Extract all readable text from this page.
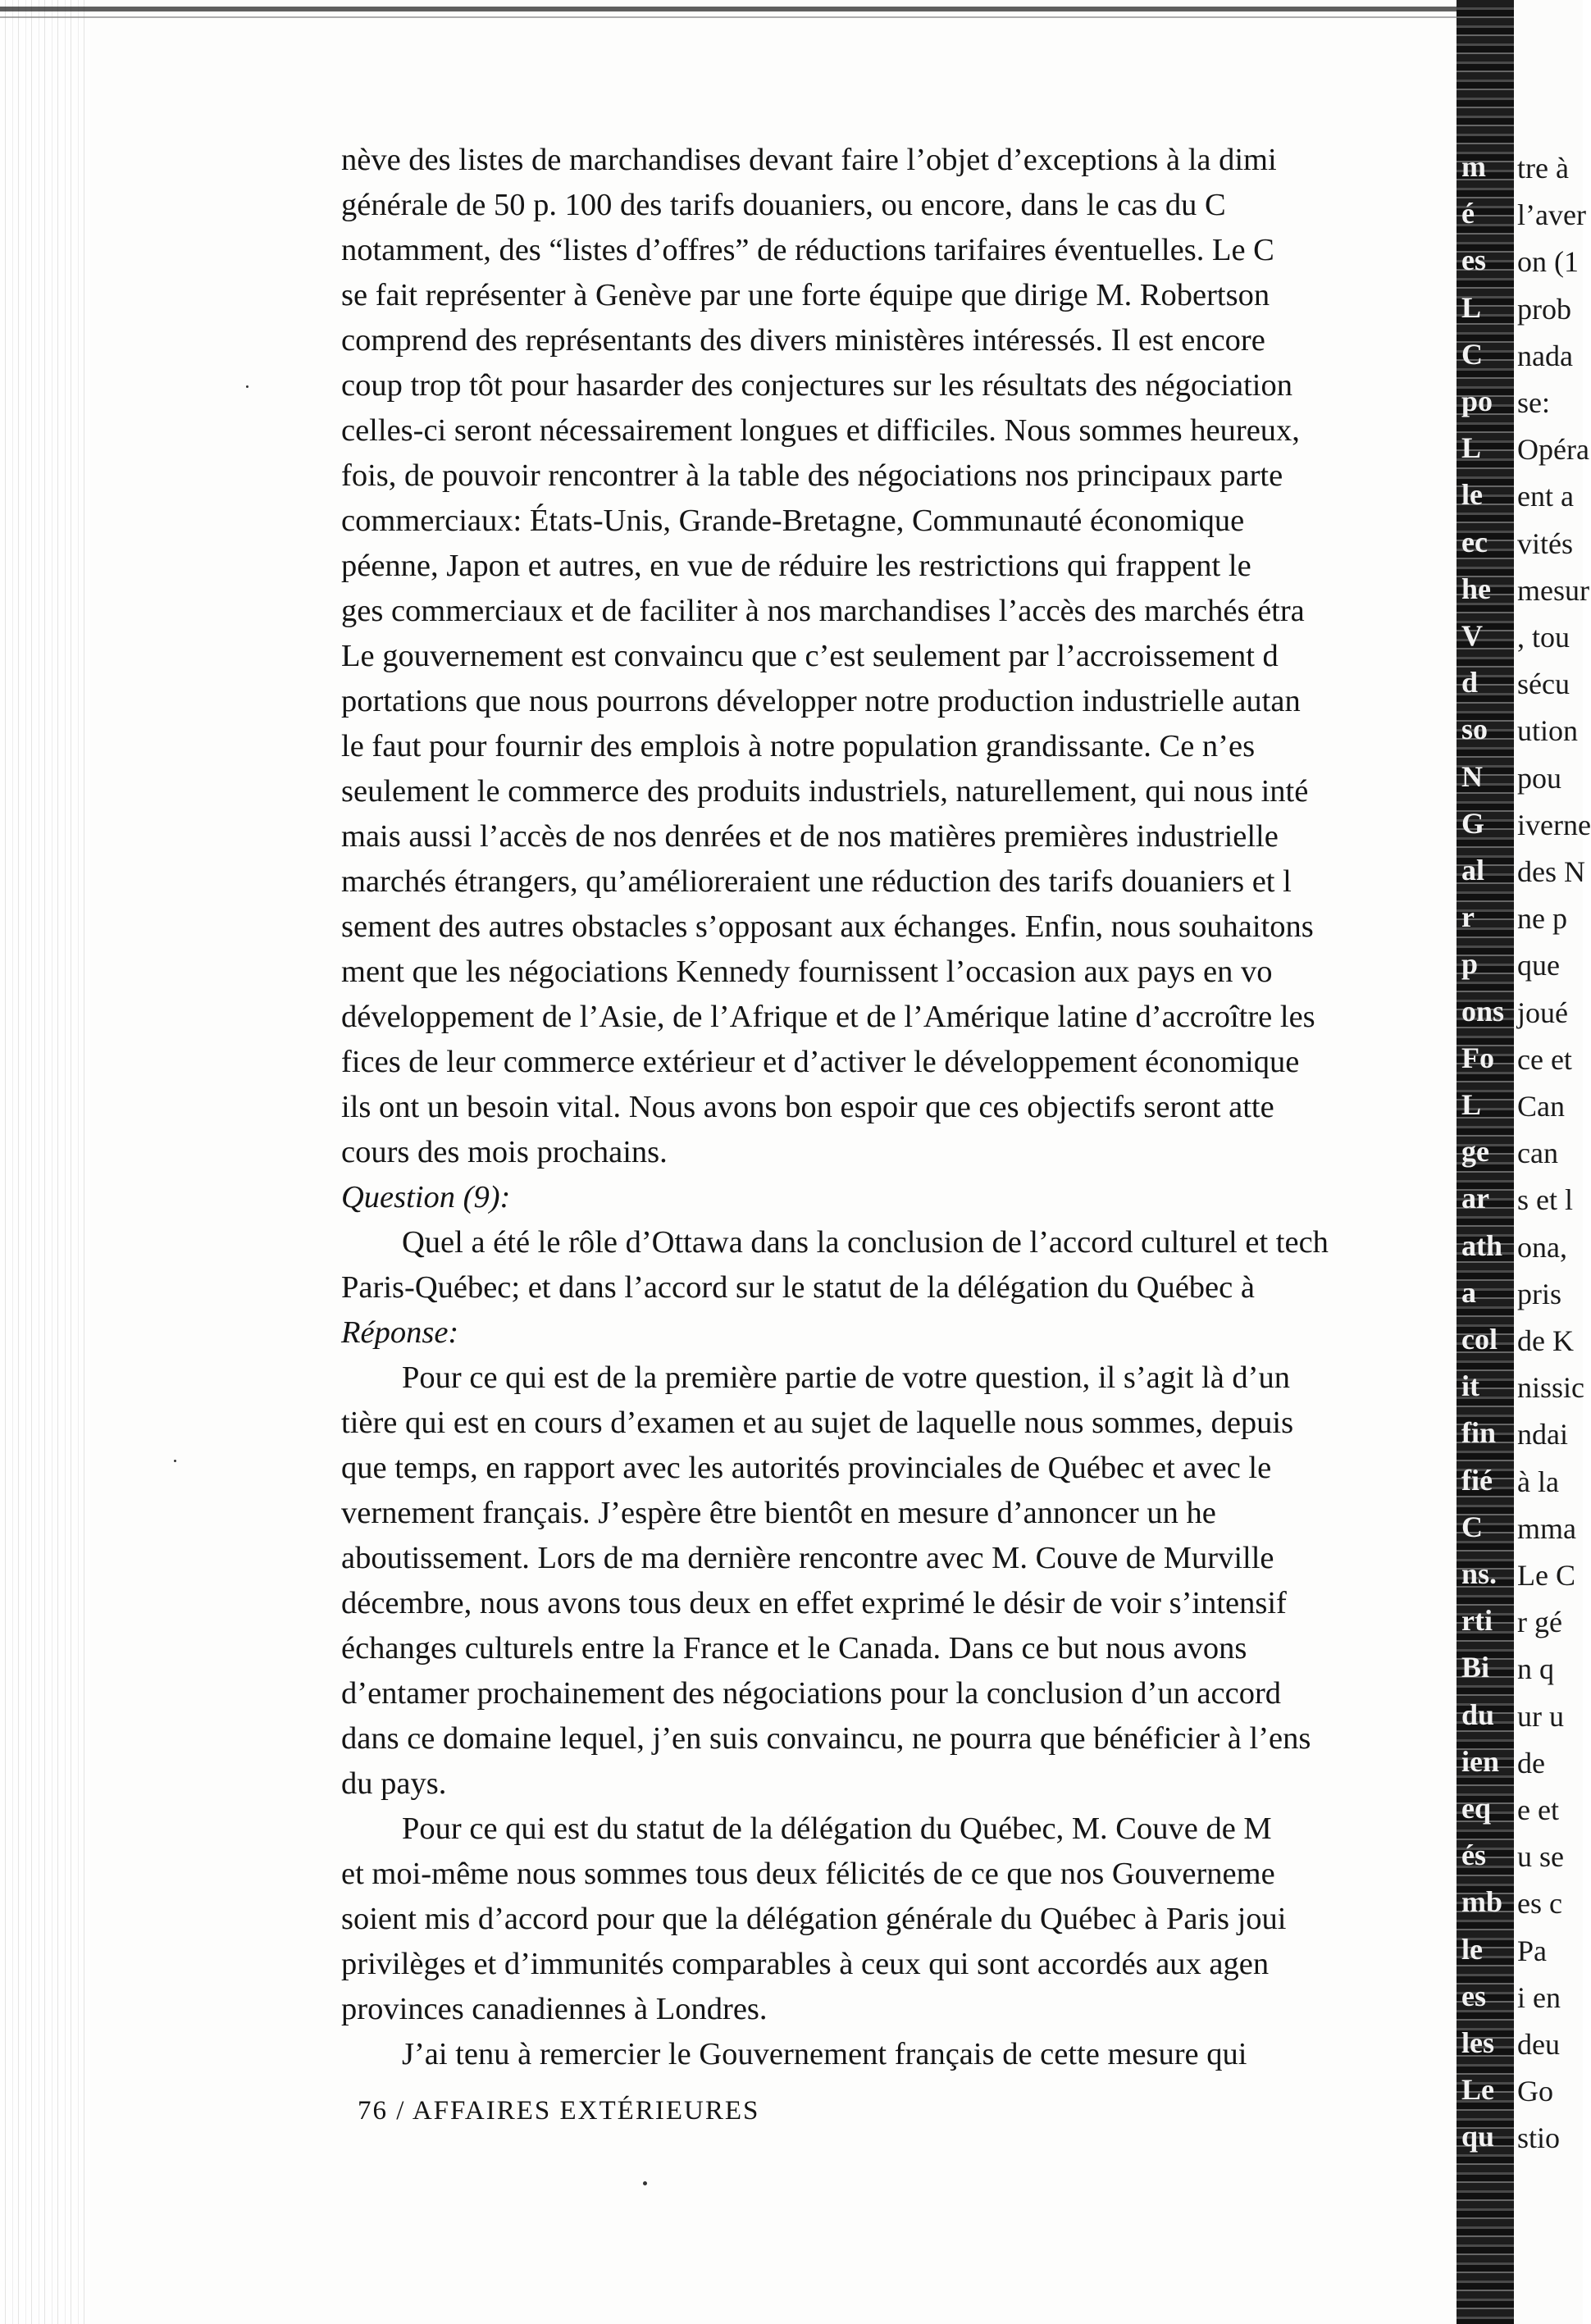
nève des listes de marchandises devant faire l’objet d’exceptions à la dimi
générale de 50 p. 100 des tarifs douaniers, ou encore, dans le cas du C
notamment, des “listes d’offres” de réductions tarifaires éventuelles. Le C
se fait représenter à Genève par une forte équipe que dirige M. Robertson
comprend des représentants des divers ministères intéressés. Il est encore
coup trop tôt pour hasarder des conjectures sur les résultats des négociation
celles-ci seront nécessairement longues et difficiles. Nous sommes heureux,
fois, de pouvoir rencontrer à la table des négociations nos principaux parte
commerciaux: États-Unis, Grande-Bretagne, Communauté économique
péenne, Japon et autres, en vue de réduire les restrictions qui frappent le
ges commerciaux et de faciliter à nos marchandises l’accès des marchés étra
Le gouvernement est convaincu que c’est seulement par l’accroissement d
portations que nous pourrons développer notre production industrielle autan
le faut pour fournir des emplois à notre population grandissante. Ce n’es
seulement le commerce des produits industriels, naturellement, qui nous inté
mais aussi l’accès de nos denrées et de nos matières premières industrielle
marchés étrangers, qu’amélioreraient une réduction des tarifs douaniers et l
sement des autres obstacles s’opposant aux échanges. Enfin, nous souhaitons
ment que les négociations Kennedy fournissent l’occasion aux pays en vo
développement de l’Asie, de l’Afrique et de l’Amérique latine d’accroître les
fices de leur commerce extérieur et d’activer le développement économique
ils ont un besoin vital. Nous avons bon espoir que ces objectifs seront atte
cours des mois prochains.
Question (9):
Quel a été le rôle d’Ottawa dans la conclusion de l’accord culturel et tech
Paris-Québec; et dans l’accord sur le statut de la délégation du Québec à
Réponse:
Pour ce qui est de la première partie de votre question, il s’agit là d’un
tière qui est en cours d’examen et au sujet de laquelle nous sommes, depuis
que temps, en rapport avec les autorités provinciales de Québec et avec le
vernement français. J’espère être bientôt en mesure d’annoncer un he
aboutissement. Lors de ma dernière rencontre avec M. Couve de Murville
décembre, nous avons tous deux en effet exprimé le désir de voir s’intensif
échanges culturels entre la France et le Canada. Dans ce but nous avons
d’entamer prochainement des négociations pour la conclusion d’un accord
dans ce domaine lequel, j’en suis convaincu, ne pourra que bénéficier à l’ens
du pays.
Pour ce qui est du statut de la délégation du Québec, M. Couve de M
et moi-même nous sommes tous deux félicités de ce que nos Gouverneme
soient mis d’accord pour que la délégation générale du Québec à Paris joui
privilèges et d’immunités comparables à ceux qui sont accordés aux agen
provinces canadiennes à Londres.
J’ai tenu à remercier le Gouvernement français de cette mesure qui
m
é
es
L
C
po
L
le
ec
he
V
d
so
N
G
al
r
p
ons
Fo
L
ge
ar
ath
a
col
it
fin
fié
C
ns.
rti
Bi
du
ien
eq
és
mb
le
es
les
Le
qu
tre à
l’aver
on (1
prob
nada
se:
Opéra
ent a
vités
mesur
, tou
sécu
ution
pou
iverne
des N
ne p
que
joué
ce et
Can
can
s et l
ona,
pris
de K
nissic
ndai
à la
mma
Le C
r gé
n q
ur u
de
e et
u se
es c
Pa
i en
deu
Go
stio
76 / AFFAIRES EXTÉRIEURES
